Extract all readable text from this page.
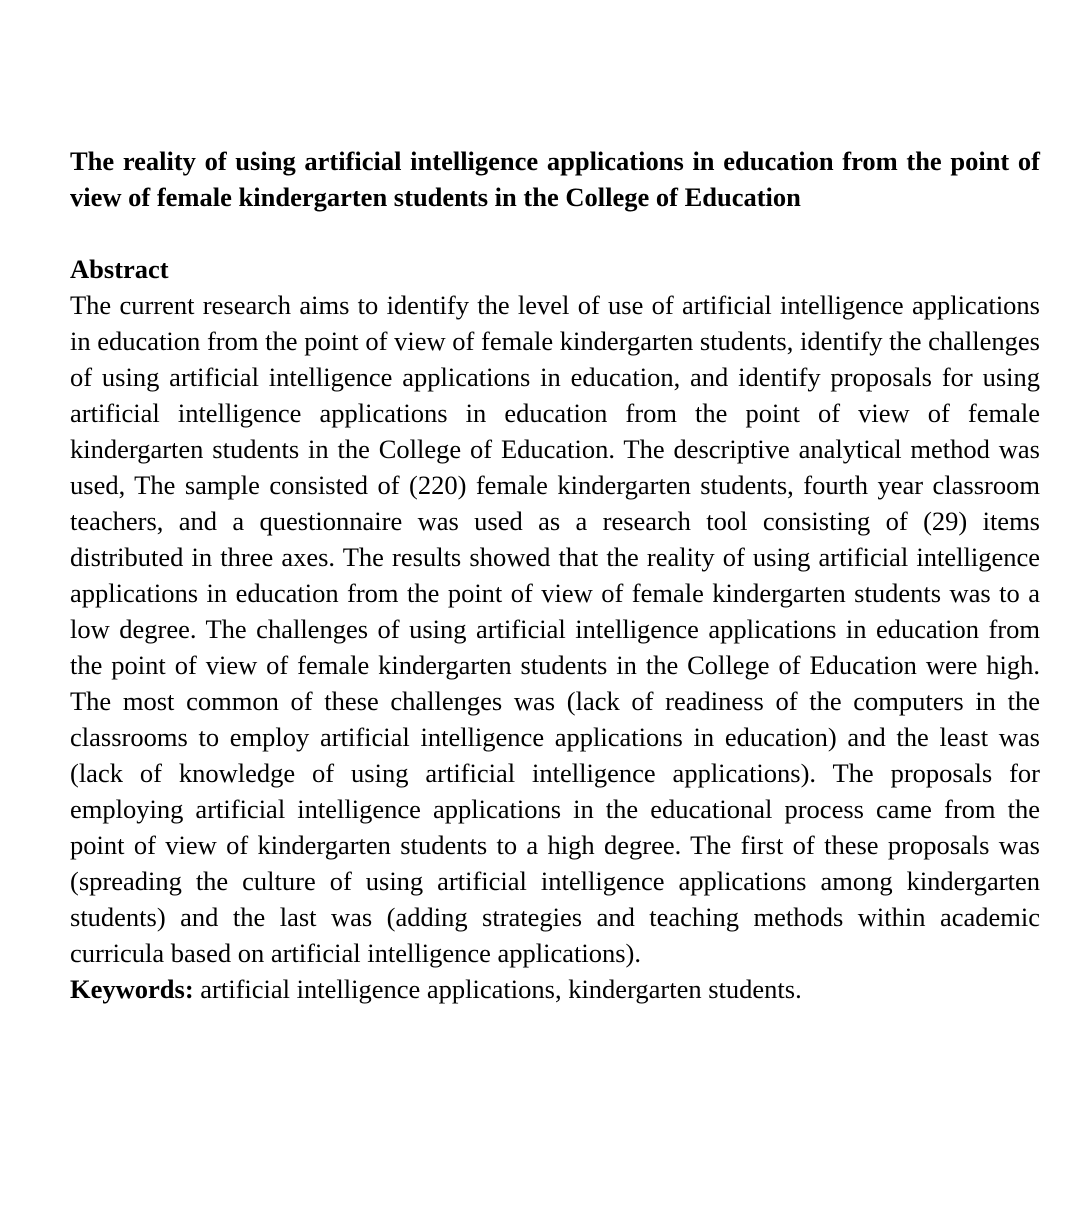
The reality of using artificial intelligence applications in education from the point of view of female kindergarten students in the College of Education
Abstract
The current research aims to identify the level of use of artificial intelligence applications in education from the point of view of female kindergarten students, identify the challenges of using artificial intelligence applications in education, and identify proposals for using artificial intelligence applications in education from the point of view of female kindergarten students in the College of Education. The descriptive analytical method was used, The sample consisted of (220) female kindergarten students, fourth year classroom teachers, and a questionnaire was used as a research tool consisting of (29) items distributed in three axes. The results showed that the reality of using artificial intelligence applications in education from the point of view of female kindergarten students was to a low degree. The challenges of using artificial intelligence applications in education from the point of view of female kindergarten students in the College of Education were high. The most common of these challenges was (lack of readiness of the computers in the classrooms to employ artificial intelligence applications in education) and the least was (lack of knowledge of using artificial intelligence applications). The proposals for employing artificial intelligence applications in the educational process came from the point of view of kindergarten students to a high degree. The first of these proposals was (spreading the culture of using artificial intelligence applications among kindergarten students) and the last was (adding strategies and teaching methods within academic curricula based on artificial intelligence applications).
Keywords: artificial intelligence applications, kindergarten students.
